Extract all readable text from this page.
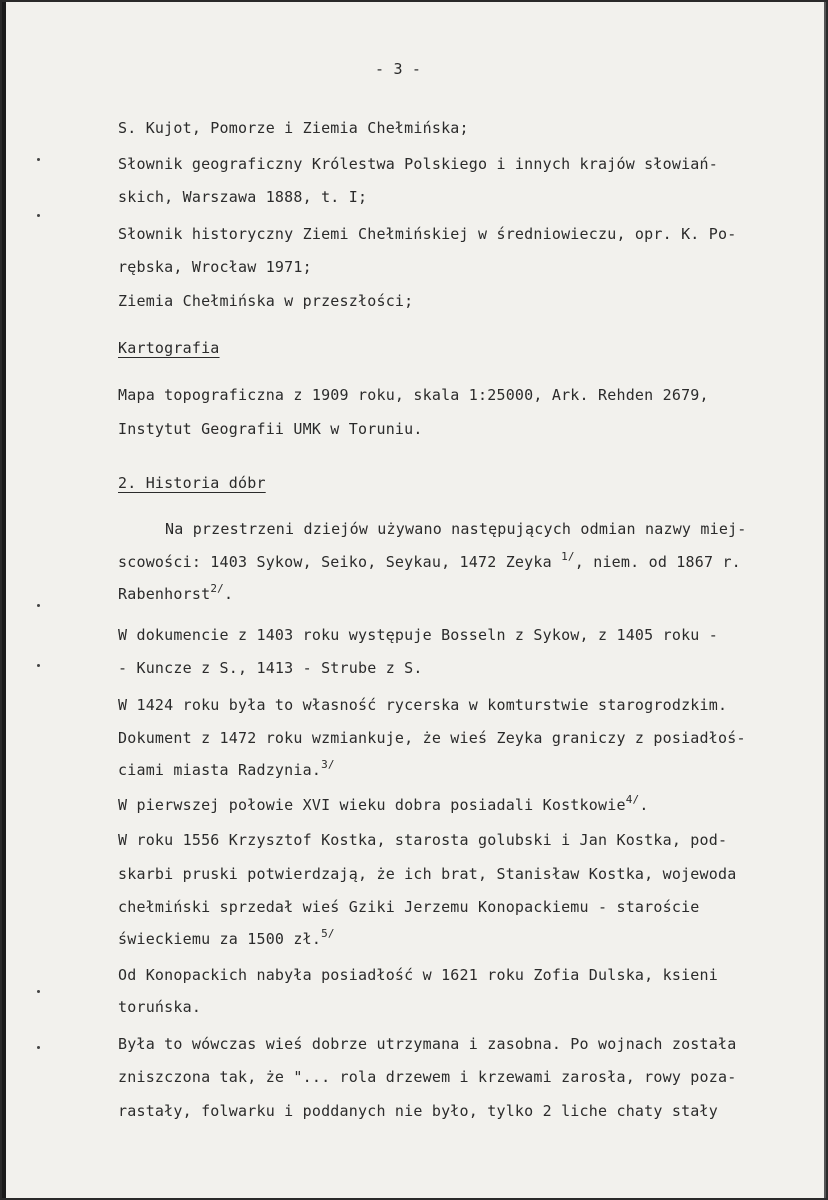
- 3 -
S. Kujot, Pomorze i Ziemia Chełmińska;
Słownik geograficzny Królestwa Polskiego i innych krajów słowiań-
skich, Warszawa 1888, t. I;
Słownik historyczny Ziemi Chełmińskiej w średniowieczu, opr. K. Po-
rębska, Wrocław 1971;
Ziemia Chełmińska w przeszłości;
Kartografia
Mapa topograficzna z 1909 roku, skala 1:25000, Ark. Rehden 2679,
Instytut Geografii UMK w Toruniu.
2. Historia dóbr
Na przestrzeni dziejów używano następujących odmian nazwy miej-
scowości: 1403 Sykow, Seiko, Seykau, 1472 Zeyka $^{1/}$, niem. od 1867 r.
Rabenhorst$^{2/}$.
W dokumencie z 1403 roku występuje Bosseln z Sykow, z 1405 roku -
- Kuncze z S., 1413 - Strube z S.
W 1424 roku była to własność rycerska w komturstwie starogrodzkim.
Dokument z 1472 roku wzmiankuje, że wieś Zeyka graniczy z posiadłoś-
ciami miasta Radzynia.$^{3/}$
W pierwszej połowie XVI wieku dobra posiadali Kostkowie$^{4/}$.
W roku 1556 Krzysztof Kostka, starosta golubski i Jan Kostka, pod-
skarbi pruski potwierdzają, że ich brat, Stanisław Kostka, wojewoda
chełmiński sprzedał wieś Gziki Jerzemu Konopackiemu - staroście
świeckiemu za 1500 zł.$^{5/}$
Od Konopackich nabyła posiadłość w 1621 roku Zofia Dulska, ksieni
toruńska.
Była to wówczas wieś dobrze utrzymana i zasobna. Po wojnach została
zniszczona tak, że "... rola drzewem i krzewami zarosła, rowy poza-
rastały, folwarku i poddanych nie było, tylko 2 liche chaty stały
